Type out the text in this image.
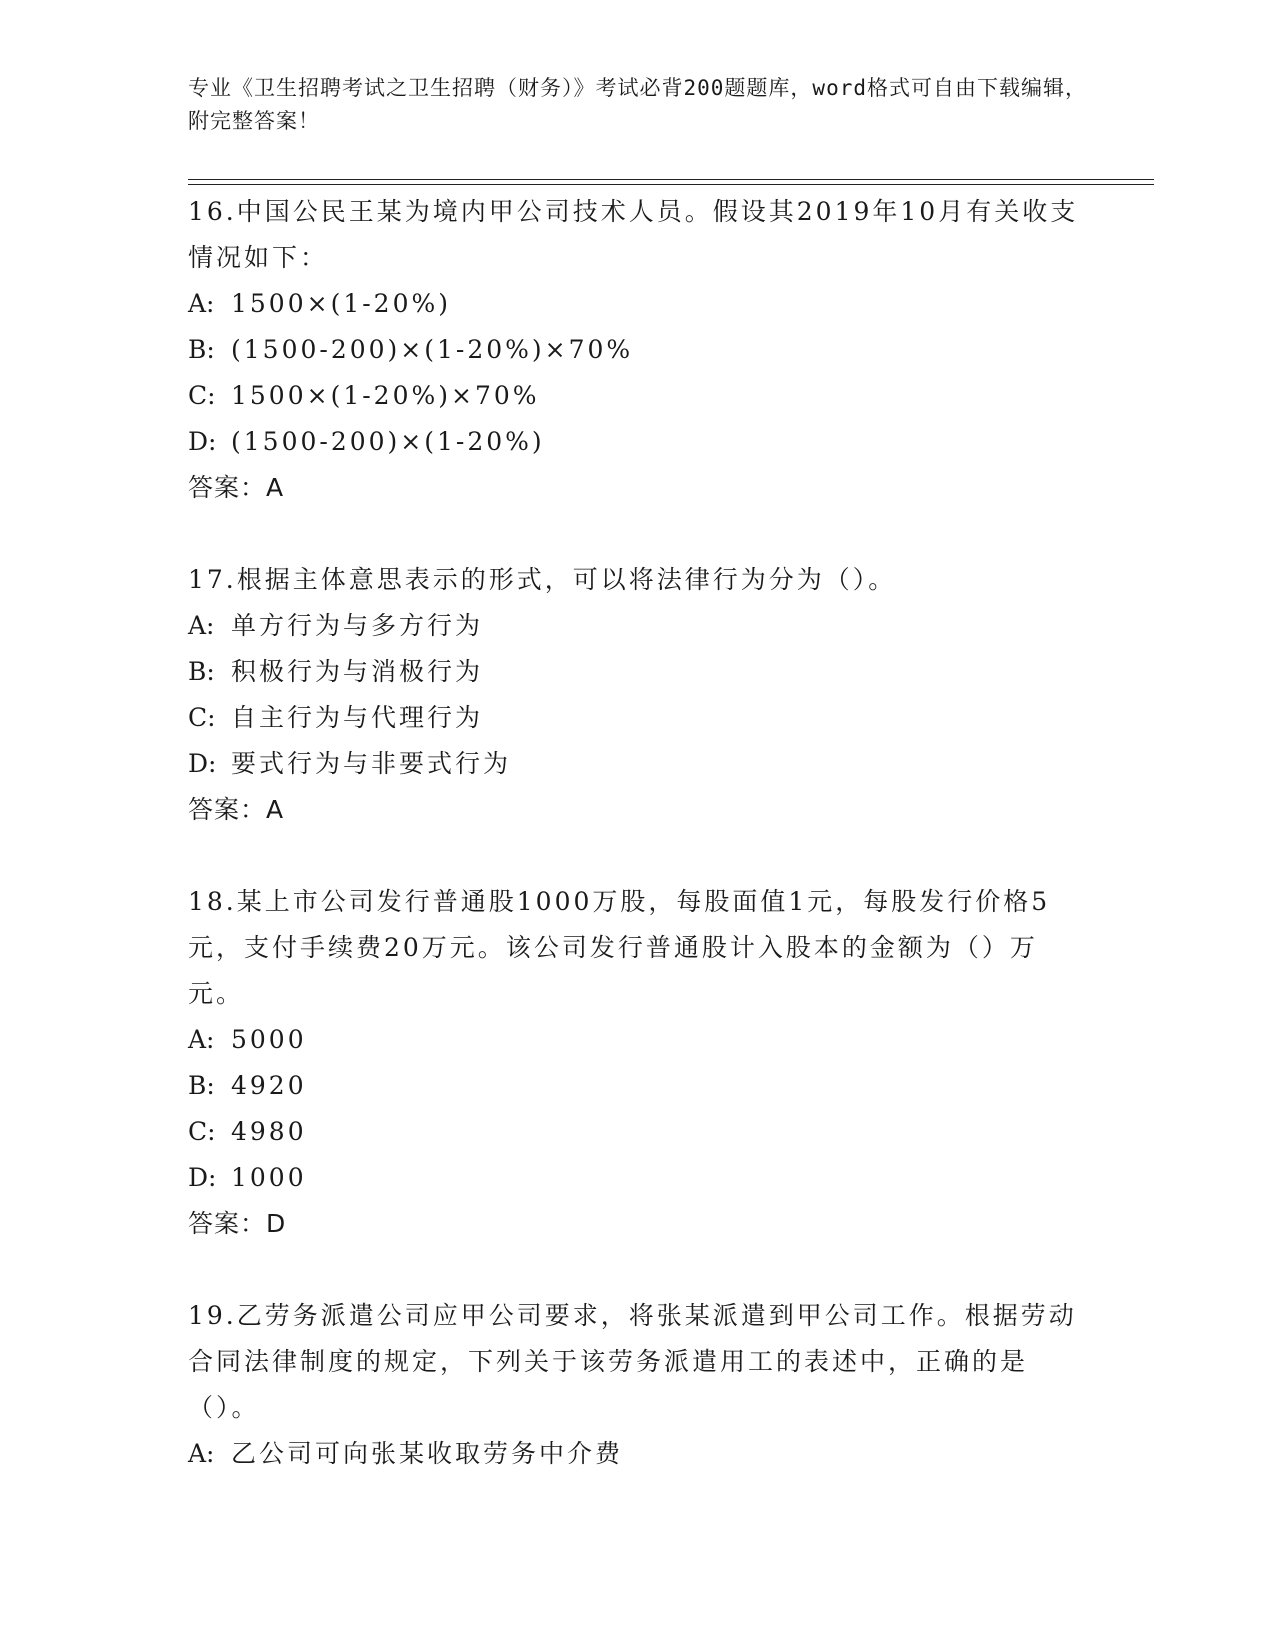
专业《卫生招聘考试之卫生招聘（财务）》考试必背200题题库，word格式可自由下载编辑，附完整答案！

16.中国公民王某为境内甲公司技术人员。假设其2019年10月有关收支情况如下：

A: 1500×(1-20%)

B: (1500-200)×(1-20%)×70%

C: 1500×(1-20%)×70%

D: (1500-200)×(1-20%)

答案：A

17.根据主体意思表示的形式，可以将法律行为分为（）。

A: 单方行为与多方行为

B: 积极行为与消极行为

C: 自主行为与代理行为

D: 要式行为与非要式行为

答案：A

18.某上市公司发行普通股1000万股，每股面值1元，每股发行价格5元，支付手续费20万元。该公司发行普通股计入股本的金额为（）万元。

A: 5000

B: 4920

C: 4980

D: 1000

答案：D

19.乙劳务派遣公司应甲公司要求，将张某派遣到甲公司工作。根据劳动合同法律制度的规定，下列关于该劳务派遣用工的表述中，正确的是（）。

A: 乙公司可向张某收取劳务中介费
